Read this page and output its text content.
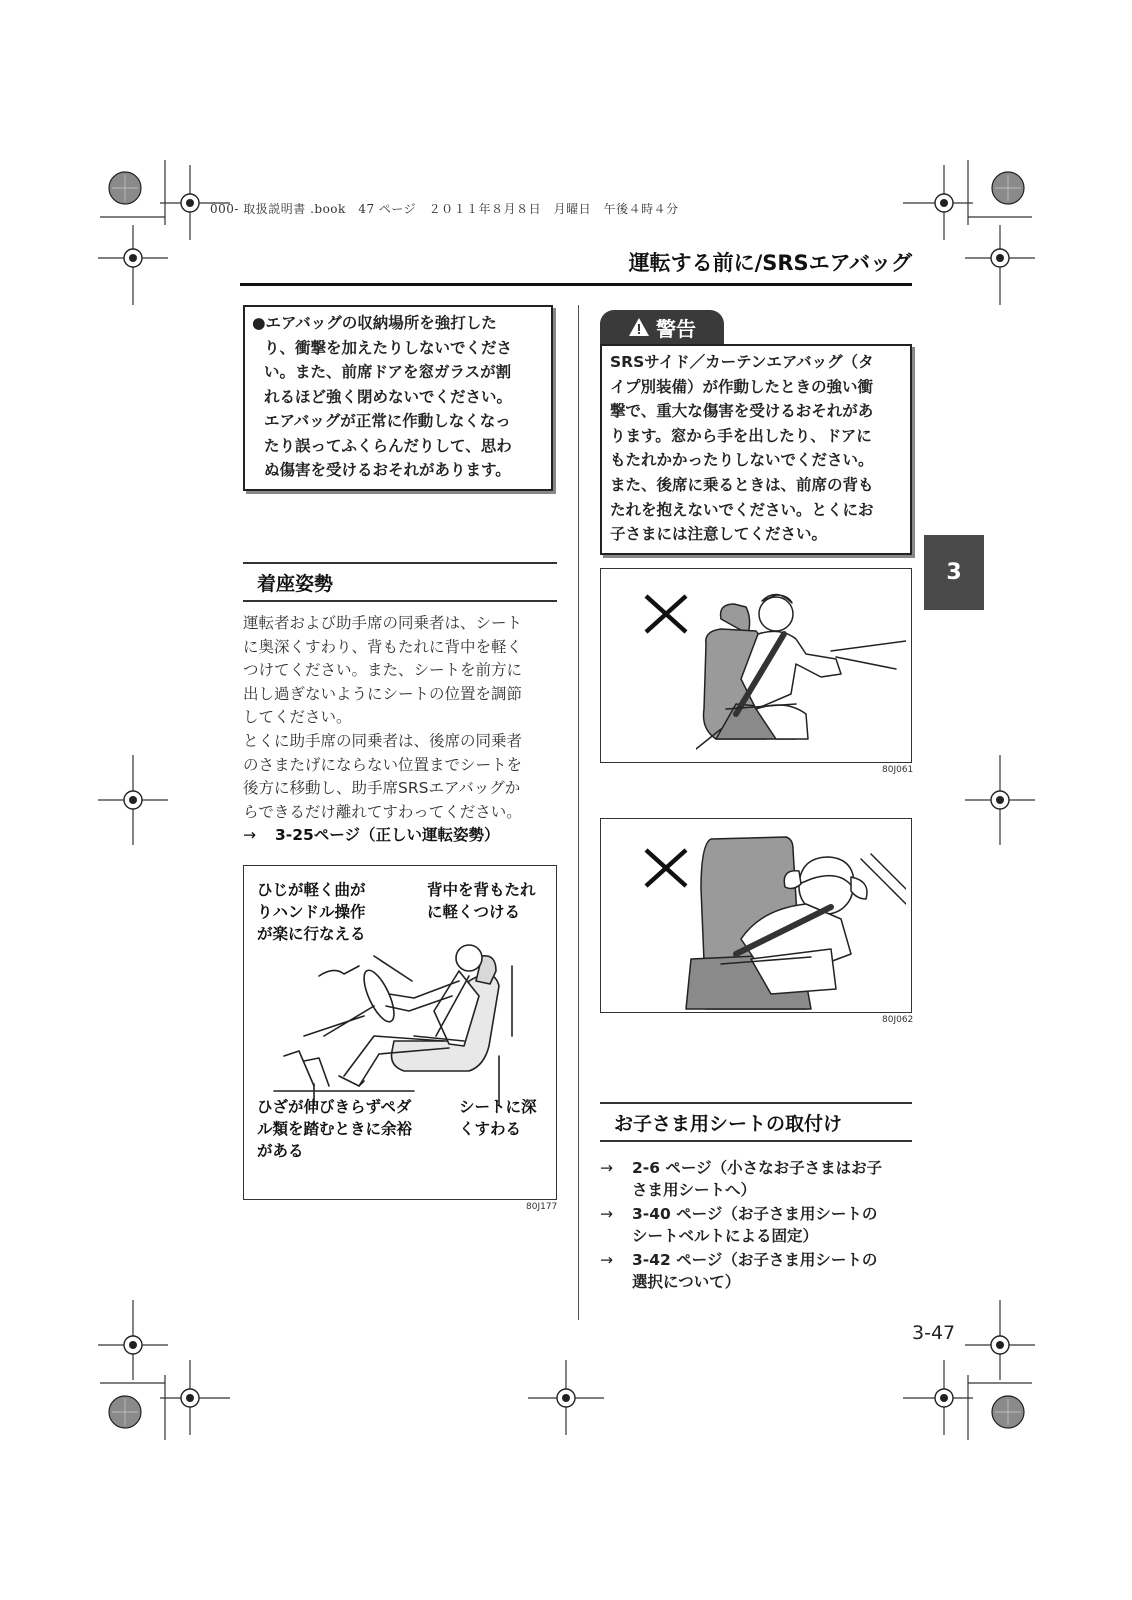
000- 取扱説明書 .book　47 ページ　２０１１年８月８日　月曜日　午後４時４分
運転する前に/SRSエアバッグ

●エアバッグの収納場所を強打した

り、衝撃を加えたりしないでくださ

い。また、前席ドアを窓ガラスが割

れるほど強く閉めないでください。

エアバッグが正常に作動しなくなっ

たり誤ってふくらんだりして、思わ

ぬ傷害を受けるおそれがあります。

着座姿勢

運転者および助手席の同乗者は、シート

に奥深くすわり、背もたれに背中を軽く

つけてください。また、シートを前方に

出し過ぎないようにシートの位置を調節

してください。

とくに助手席の同乗者は、後席の同乗者

のさまたげにならない位置までシートを

後方に移動し、助手席SRSエアバッグか

らできるだけ離れてすわってください。

→ 3-25ページ（正しい運転姿勢）

ひじが軽く曲が

りハンドル操作

が楽に行なえる

背中を背もたれ

に軽くつける

ひざが伸びきらずペダ

ル類を踏むときに余裕

がある

シートに深

くすわる

80J177
警告

SRSサイド／カーテンエアバッグ（タ

イプ別装備）が作動したときの強い衝

撃で、重大な傷害を受けるおそれがあ

ります。窓から手を出したり、ドアに

もたれかかったりしないでください。

また、後席に乗るときは、前席の背も

たれを抱えないでください。とくにお

子さまには注意してください。

80J061
80J062
お子さま用シートの取付け
→	2-6 ページ（小さなお子さまはお子

さま用シートへ）

→	3-40 ページ（お子さま用シートの

シートベルトによる固定）

→	3-42 ページ（お子さま用シートの

選択について）

3
3-47
